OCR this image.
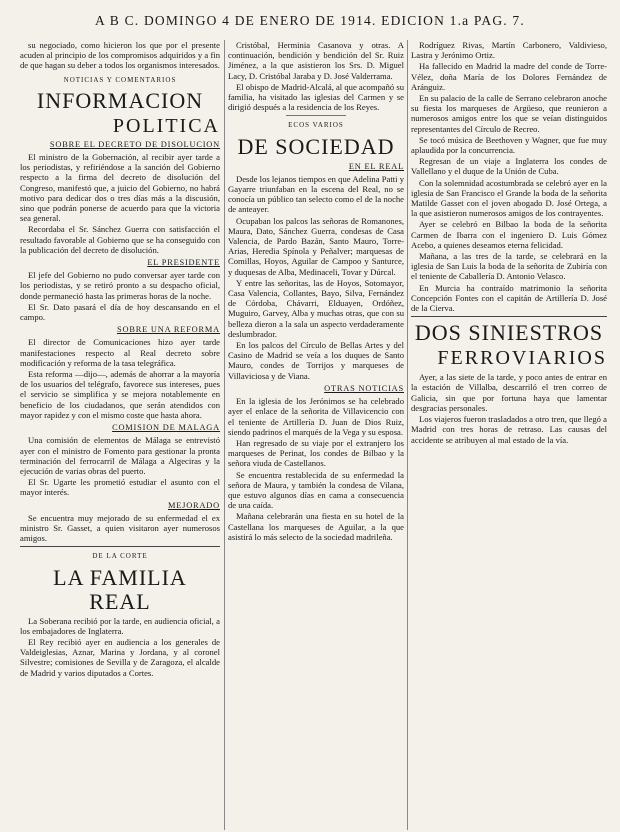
A B C. DOMINGO 4 DE ENERO DE 1914. EDICION 1.a PAG. 7.

su negociado, como hicieron los que por el presente acuden al principio de los compromisos adquiridos y a fin de que hagan su deber a todos los organismos interesados.

NOTICIAS Y COMENTARIOS
INFORMACION
POLITICA
SOBRE EL DECRETO DE DISOLUCION

El ministro de la Gobernación, al recibir ayer tarde a los periodistas, y refiriéndose a la sanción del Gobierno respecto a la firma del decreto de disolución del Congreso, manifestó que, a juicio del Gobierno, no habrá motivo para dedicar dos o tres días más a la discusión, sino que podrán ponerse de acuerdo para que la victoria sea general.

Recordaba el Sr. Sánchez Guerra con satisfacción el resultado favorable al Gobierno que se ha conseguido con la publicación del decreto de disolución.

EL PRESIDENTE

El jefe del Gobierno no pudo conversar ayer tarde con los periodistas, y se retiró pronto a su despacho oficial, donde permaneció hasta las primeras horas de la noche.

El Sr. Dato pasará el día de hoy descansando en el campo.

SOBRE UNA REFORMA

El director de Comunicaciones hizo ayer tarde manifestaciones respecto al Real decreto sobre modificación y reforma de la tasa telegráfica.

Esta reforma —dijo—, además de ahorrar a la mayoría de los usuarios del telégrafo, favorece sus intereses, pues el servicio se simplifica y se mejora notablemente en beneficio de los ciudadanos, que serán atendidos con mayor rapidez y con el mismo coste que hasta ahora.

COMISION DE MALAGA

Una comisión de elementos de Málaga se entrevistó ayer con el ministro de Fomento para gestionar la pronta terminación del ferrocarril de Málaga a Algeciras y la ejecución de varias obras del puerto.

El Sr. Ugarte les prometió estudiar el asunto con el mayor interés.

MEJORADO

Se encuentra muy mejorado de su enfermedad el ex ministro Sr. Gasset, a quien visitaron ayer numerosos amigos.

DE LA CORTE
LA FAMILIA REAL

La Soberana recibió por la tarde, en audiencia oficial, a los embajadores de Inglaterra.

El Rey recibió ayer en audiencia a los generales de Valdeiglesias, Aznar, Marina y Jordana, y al coronel Silvestre; comisiones de Sevilla y de Zaragoza, el alcalde de Madrid y varios diputados a Cortes.

Cristóbal, Herminia Casanova y otras. A continuación, bendición y bendición del Sr. Ruiz Jiménez, a la que asistieron los Srs. D. Miguel Lacy, D. Cristóbal Jaraba y D. José Valderrama.

El obispo de Madrid-Alcalá, al que acompañó su familia, ha visitado las iglesias del Carmen y se dirigió después a la residencia de los Reyes.

ECOS VARIOS
DE SOCIEDAD
EN EL REAL

Desde los lejanos tiempos en que Adelina Patti y Gayarre triunfaban en la escena del Real, no se conocía un público tan selecto como el de la noche de anteayer.

Ocupaban los palcos las señoras de Romanones, Maura, Dato, Sánchez Guerra, condesas de Casa Valencia, de Pardo Bazán, Santo Mauro, Torre-Arias, Heredia Spínola y Peñalver; marquesas de Comillas, Hoyos, Aguilar de Campoo y Santurce, y duquesas de Alba, Medinaceli, Tovar y Dúrcal.

Y entre las señoritas, las de Hoyos, Sotomayor, Casa Valencia, Collantes, Bayo, Silva, Fernández de Córdoba, Chávarri, Elduayen, Ordóñez, Muguiro, Garvey, Alba y muchas otras, que con su belleza dieron a la sala un aspecto verdaderamente deslumbrador.

En los palcos del Círculo de Bellas Artes y del Casino de Madrid se veía a los duques de Santo Mauro, condes de Torrijos y marqueses de Villaviciosa y de Viana.

OTRAS NOTICIAS

En la iglesia de los Jerónimos se ha celebrado ayer el enlace de la señorita de Villavicencio con el teniente de Artillería D. Juan de Dios Ruiz, siendo padrinos el marqués de la Vega y su esposa.

Han regresado de su viaje por el extranjero los marqueses de Perinat, los condes de Bilbao y la señora viuda de Castellanos.

Se encuentra restablecida de su enfermedad la señora de Maura, y también la condesa de Vilana, que estuvo algunos días en cama a consecuencia de una caída.

Mañana celebrarán una fiesta en su hotel de la Castellana los marqueses de Aguilar, a la que asistirá lo más selecto de la sociedad madrileña.

Rodríguez Rivas, Martín Carbonero, Valdivieso, Lastra y Jerónimo Ortiz.

Ha fallecido en Madrid la madre del conde de Torre-Vélez, doña María de los Dolores Fernández de Aránguiz.

En su palacio de la calle de Serrano celebraron anoche su fiesta los marqueses de Argüeso, que reunieron a numerosos amigos entre los que se veían distinguidos representantes del Círculo de Recreo.

Se tocó música de Beethoven y Wagner, que fue muy aplaudida por la concurrencia.

Regresan de un viaje a Inglaterra los condes de Vallellano y el duque de la Unión de Cuba.

Con la solemnidad acostumbrada se celebró ayer en la iglesia de San Francisco el Grande la boda de la señorita Matilde Gasset con el joven abogado D. José Ortega, a la que asistieron numerosos amigos de los contrayentes.

Ayer se celebró en Bilbao la boda de la señorita Carmen de Ibarra con el ingeniero D. Luis Gómez Acebo, a quienes deseamos eterna felicidad.

Mañana, a las tres de la tarde, se celebrará en la iglesia de San Luis la boda de la señorita de Zubiría con el teniente de Caballería D. Antonio Velasco.

En Murcia ha contraído matrimonio la señorita Concepción Fontes con el capitán de Artillería D. José de la Cierva.

DOS SINIESTROS
FERROVIARIOS

Ayer, a las siete de la tarde, y poco antes de entrar en la estación de Villalba, descarriló el tren correo de Galicia, sin que por fortuna haya que lamentar desgracias personales.

Los viajeros fueron trasladados a otro tren, que llegó a Madrid con tres horas de retraso. Las causas del accidente se atribuyen al mal estado de la vía.
